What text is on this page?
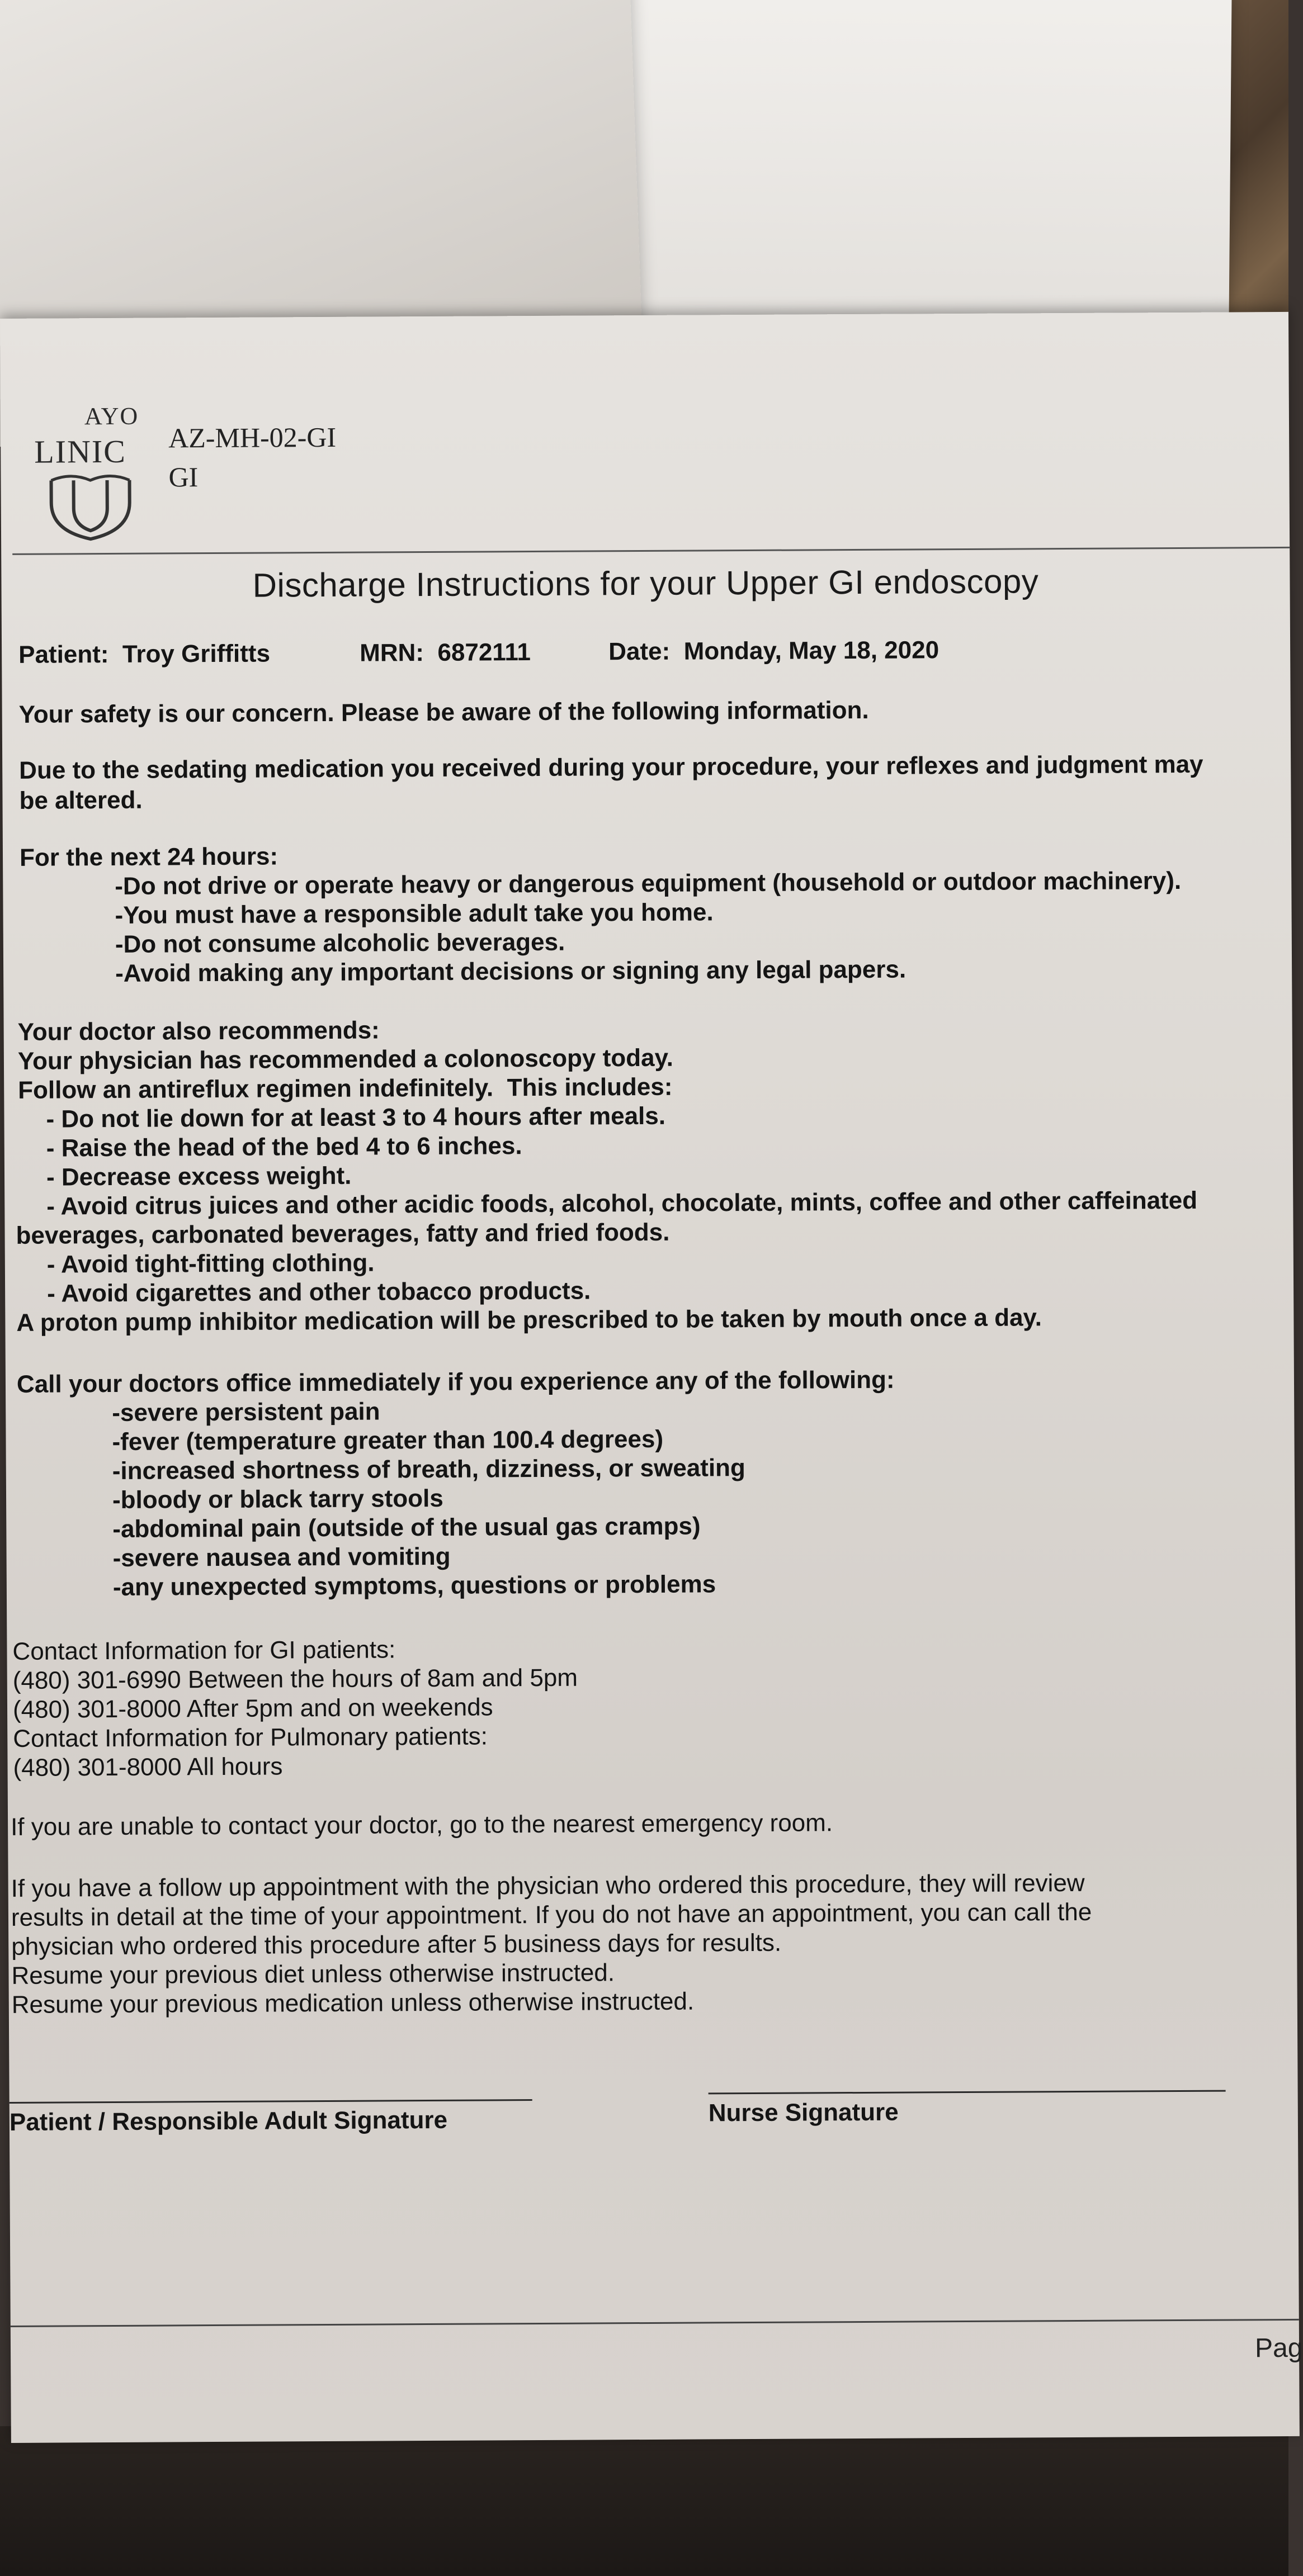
AYO
LINIC AZ-MH-02-GI
GI
Discharge Instructions for your Upper GI endoscopy
Patient: Troy Griffitts	MRN: 6872111	Date: Monday, May 18, 2020
Your safety is our concern. Please be aware of the following information.
Due to the sedating medication you received during your procedure, your reflexes and judgment may
be altered.
For the next 24 hours:
-Do not drive or operate heavy or dangerous equipment (household or outdoor machinery).
-You must have a responsible adult take you home.
-Do not consume alcoholic beverages.
-Avoid making any important decisions or signing any legal papers.
Your doctor also recommends:
Your physician has recommended a colonoscopy today.
Follow an antireflux regimen indefinitely.  This includes:
- Do not lie down for at least 3 to 4 hours after meals.
- Raise the head of the bed 4 to 6 inches.
- Decrease excess weight.
- Avoid citrus juices and other acidic foods, alcohol, chocolate, mints, coffee and other caffeinated
beverages, carbonated beverages, fatty and fried foods.
- Avoid tight-fitting clothing.
- Avoid cigarettes and other tobacco products.
A proton pump inhibitor medication will be prescribed to be taken by mouth once a day.
Call your doctors office immediately if you experience any of the following:
-severe persistent pain
-fever (temperature greater than 100.4 degrees)
-increased shortness of breath, dizziness, or sweating
-bloody or black tarry stools
-abdominal pain (outside of the usual gas cramps)
-severe nausea and vomiting
-any unexpected symptoms, questions or problems
Contact Information for GI patients:
(480) 301-6990 Between the hours of 8am and 5pm
(480) 301-8000 After 5pm and on weekends
Contact Information for Pulmonary patients:
(480) 301-8000 All hours
If you are unable to contact your doctor, go to the nearest emergency room.
If you have a follow up appointment with the physician who ordered this procedure, they will review
results in detail at the time of your appointment. If you do not have an appointment, you can call the
physician who ordered this procedure after 5 business days for results.
Resume your previous diet unless otherwise instructed.
Resume your previous medication unless otherwise instructed.
Patient / Responsible Adult Signature	Nurse Signature
Pag
